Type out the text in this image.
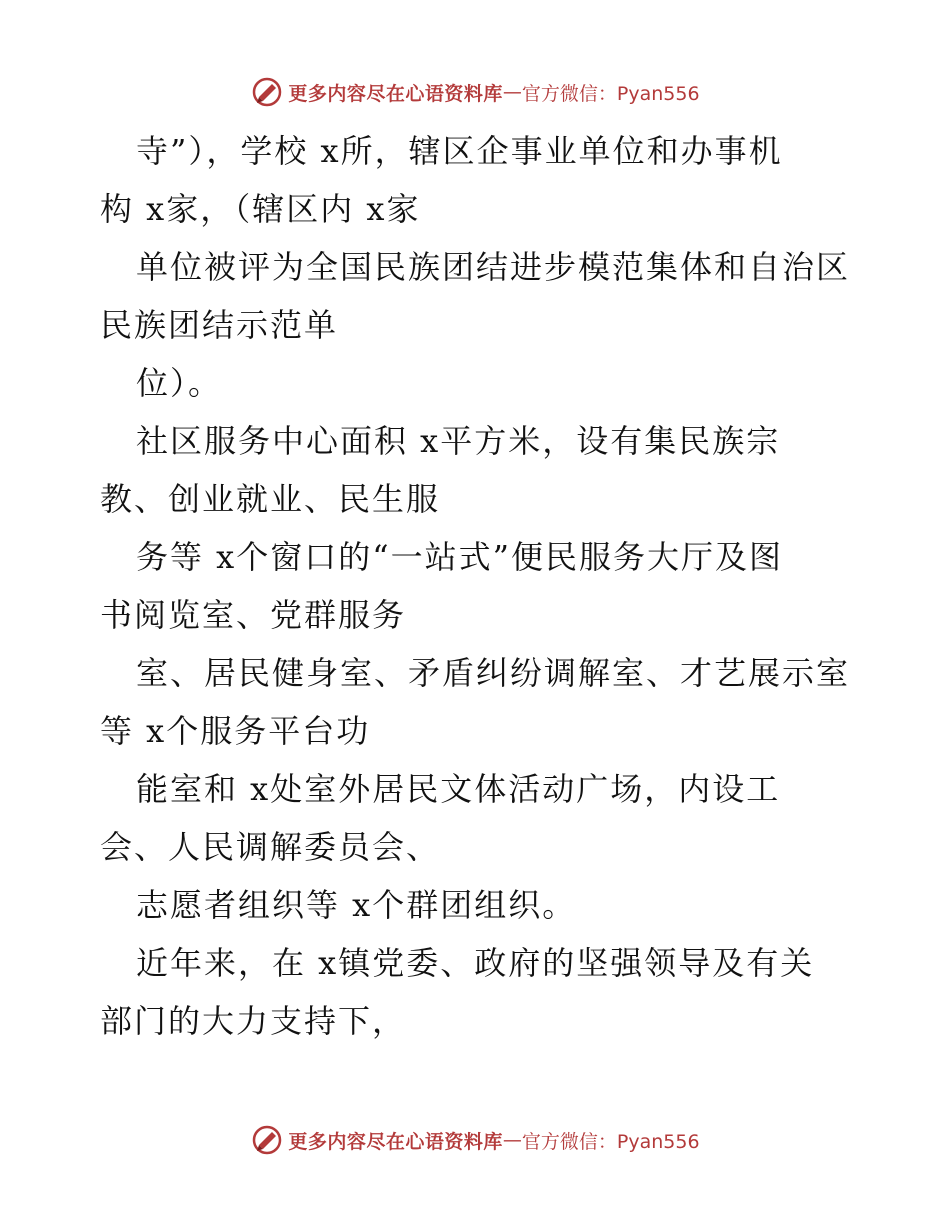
更多内容尽在心语资料库 — 官方微信：Pyan556
寺”），学校 x所，辖区企事业单位和办事机
构 x家，（辖区内 x家
单位被评为全国民族团结进步模范集体和自治区
民族团结示范单
位）。
社区服务中心面积 x平方米，设有集民族宗
教、创业就业、民生服
务等 x个窗口的“一站式”便民服务大厅及图
书阅览室、党群服务
室、居民健身室、矛盾纠纷调解室、才艺展示室
等 x个服务平台功
能室和 x处室外居民文体活动广场，内设工
会、人民调解委员会、
志愿者组织等 x个群团组织。
近年来，在 x镇党委、政府的坚强领导及有关
部门的大力支持下，
更多内容尽在心语资料库 — 官方微信：Pyan556
